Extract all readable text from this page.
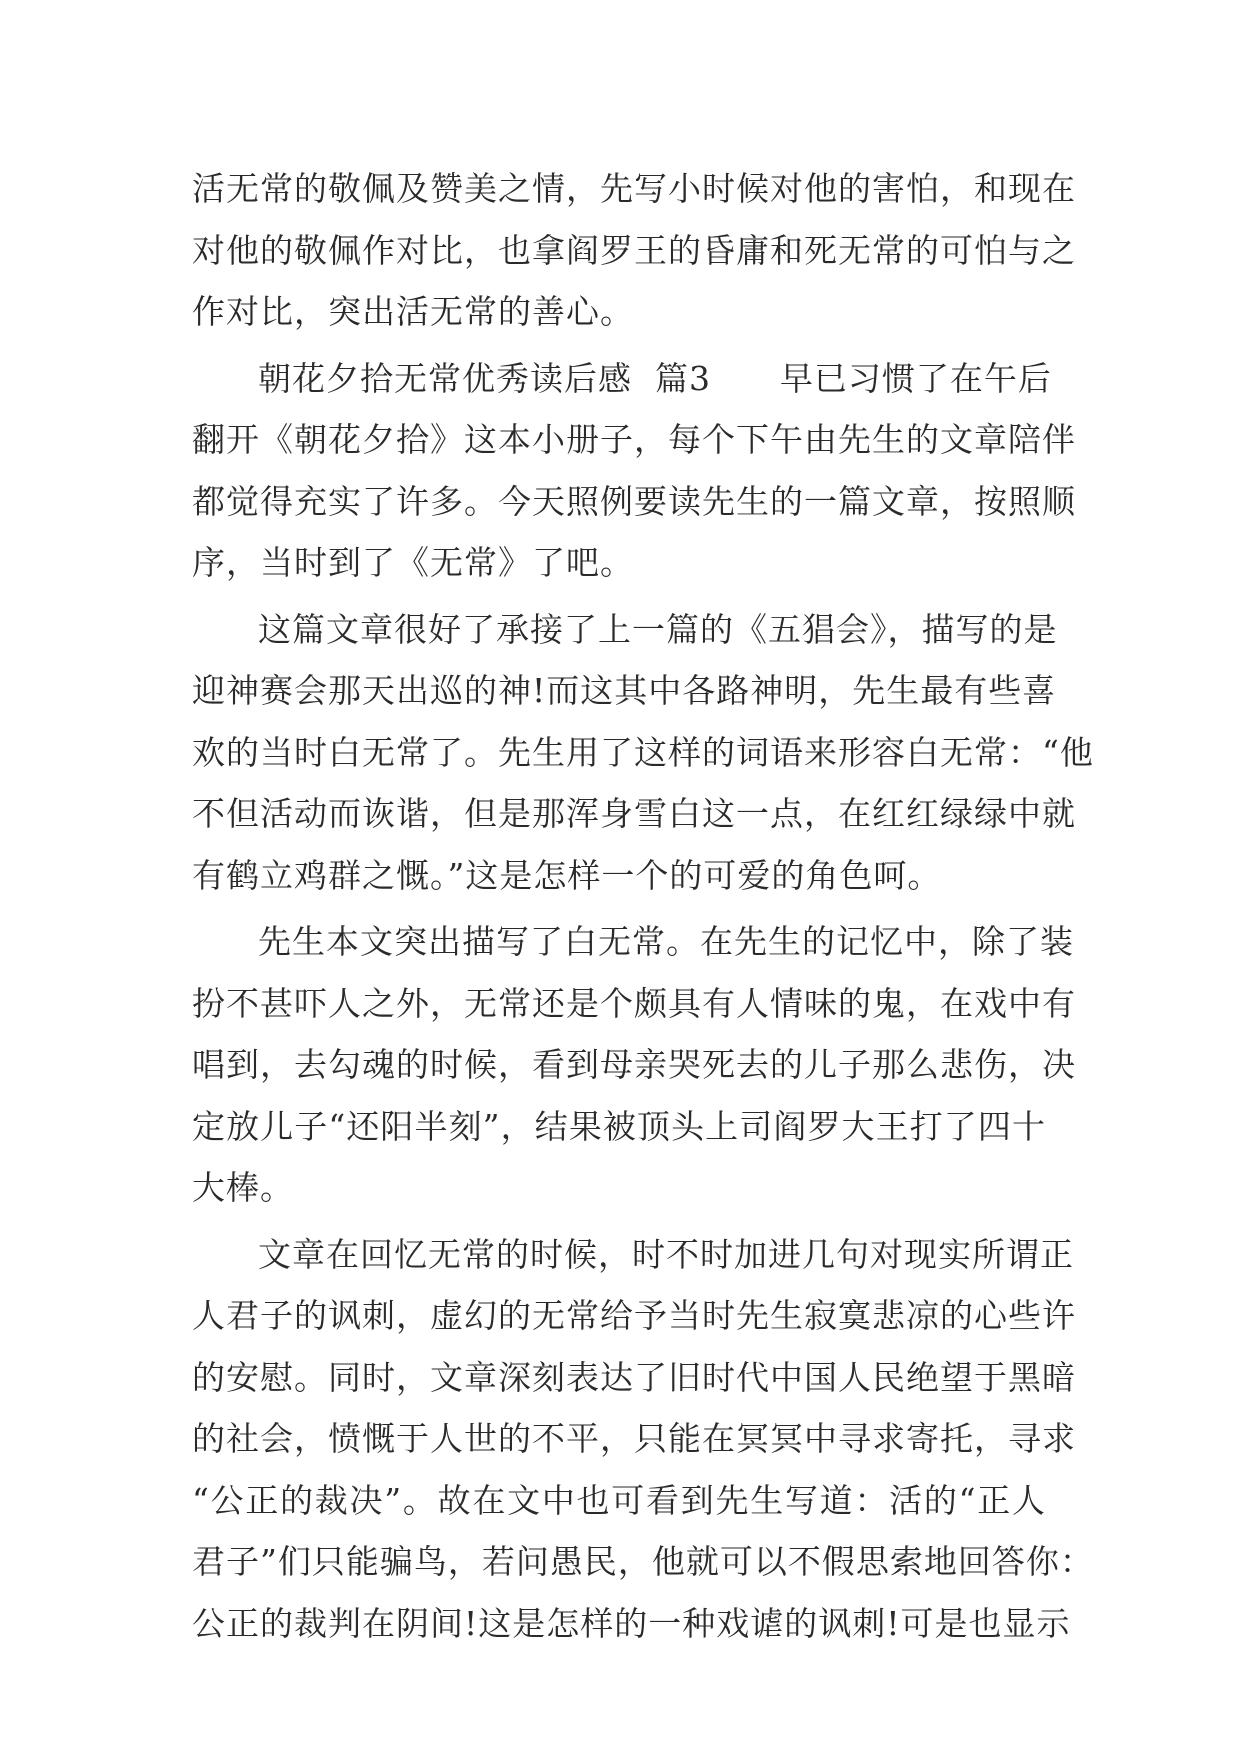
活无常的敬佩及赞美之情，先写小时候对他的害怕，和现在
对他的敬佩作对比，也拿阎罗王的昏庸和死无常的可怕与之
作对比，突出活无常的善心。
朝花夕拾无常优秀读后感  篇3      早已习惯了在午后
翻开《朝花夕拾》这本小册子，每个下午由先生的文章陪伴
都觉得充实了许多。今天照例要读先生的一篇文章，按照顺
序，当时到了《无常》了吧。
这篇文章很好了承接了上一篇的《五猖会》，描写的是
迎神赛会那天出巡的神!而这其中各路神明，先生最有些喜
欢的当时白无常了。先生用了这样的词语来形容白无常：“他
不但活动而诙谐，但是那浑身雪白这一点，在红红绿绿中就
有鹤立鸡群之慨。”这是怎样一个的可爱的角色呵。
先生本文突出描写了白无常。在先生的记忆中，除了装
扮不甚吓人之外，无常还是个颇具有人情味的鬼，在戏中有
唱到，去勾魂的时候，看到母亲哭死去的儿子那么悲伤，决
定放儿子“还阳半刻”，结果被顶头上司阎罗大王打了四十
大棒。
文章在回忆无常的时候，时不时加进几句对现实所谓正
人君子的讽刺，虚幻的无常给予当时先生寂寞悲凉的心些许
的安慰。同时，文章深刻表达了旧时代中国人民绝望于黑暗
的社会，愤慨于人世的不平，只能在冥冥中寻求寄托，寻求
“公正的裁决”。故在文中也可看到先生写道：活的“正人
君子”们只能骗鸟，若问愚民，他就可以不假思索地回答你：
公正的裁判在阴间!这是怎样的一种戏谑的讽刺!可是也显示
